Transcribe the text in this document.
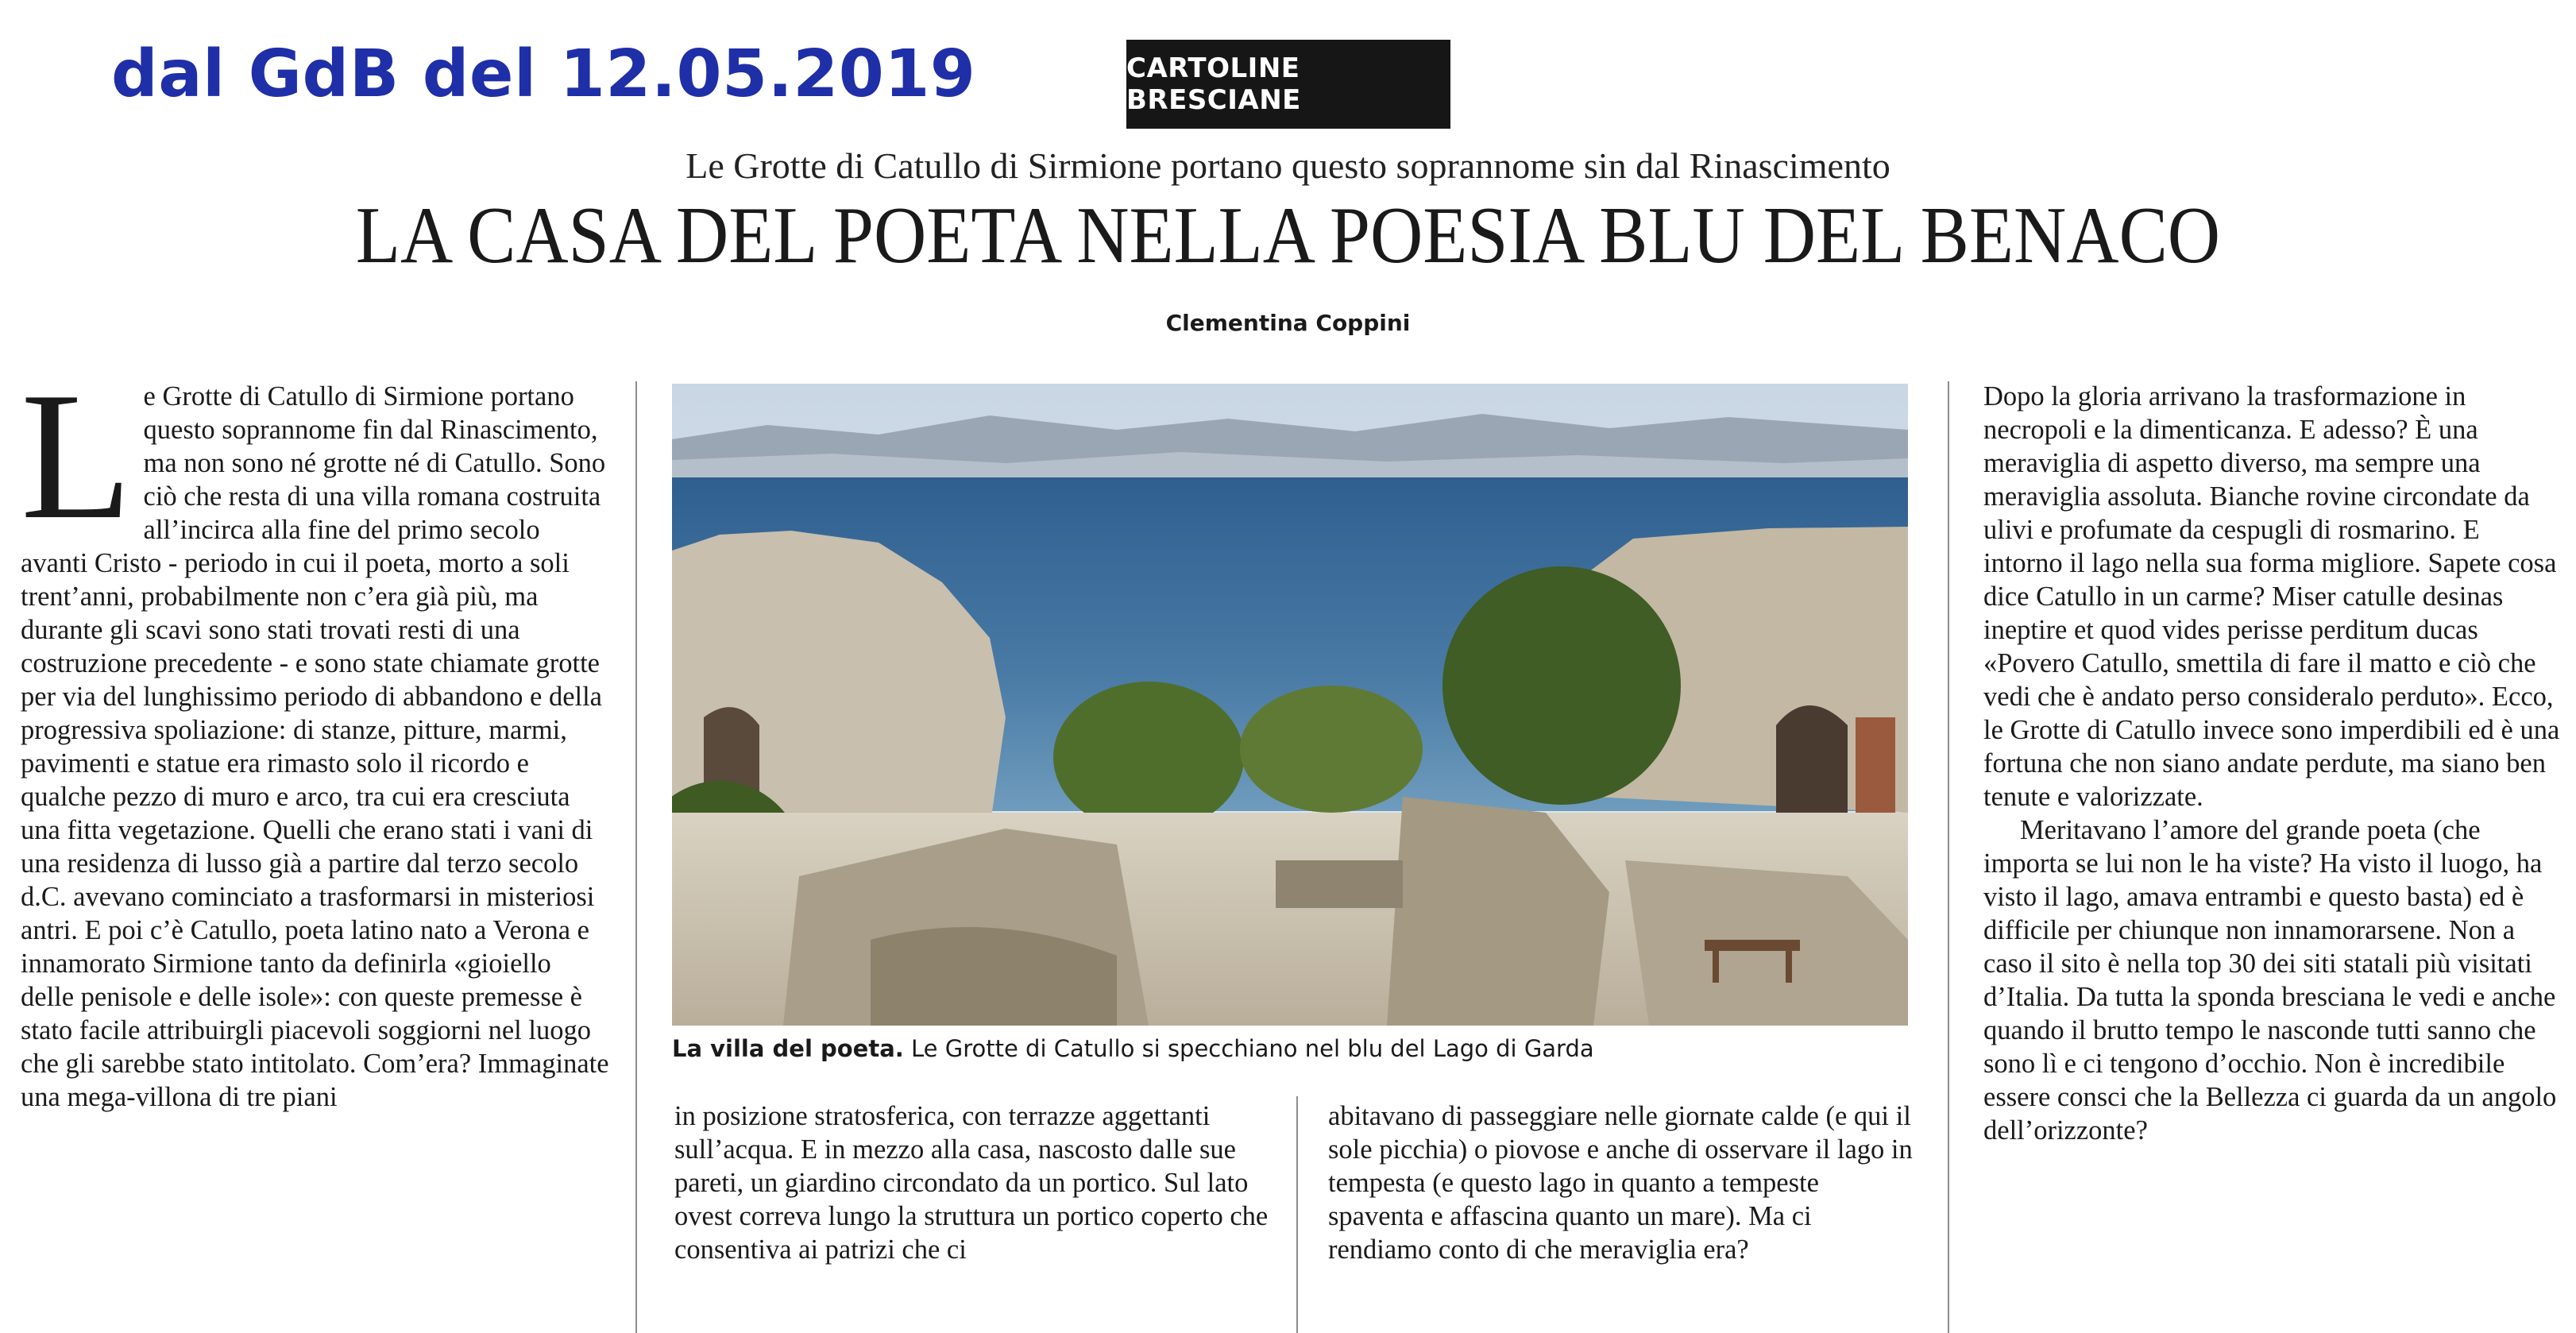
dal GdB del 12.05.2019	CARTOLINE BRESCIANE
Le Grotte di Catullo di Sirmione portano questo soprannome sin dal Rinascimento
LA CASA DEL POETA NELLA POESIA BLU DEL BENACO
Clementina Coppini
L e Grotte di Catullo di Sirmione portano questo soprannome fin dal Rinascimento, ma non sono né grotte né di Catullo. Sono ciò che resta di una villa romana costruita all’incirca alla fine del primo secolo avanti Cristo - periodo in cui il poeta, morto a soli trent’anni, probabilmente non c’era già più, ma durante gli scavi sono stati trovati resti di una costruzione precedente - e sono state chiamate grotte per via del lunghissimo periodo di abbandono e della progressiva spoliazione: di stanze, pitture, marmi, pavimenti e statue era rimasto solo il ricordo e qualche pezzo di muro e arco, tra cui era cresciuta una fitta vegetazione. Quelli che erano stati i vani di una residenza di lusso già a partire dal terzo secolo d.C. avevano cominciato a trasformarsi in misteriosi antri. E poi c’è Catullo, poeta latino nato a Verona e innamorato Sirmione tanto da definirla «gioiello delle penisole e delle isole»: con queste premesse è stato facile attribuirgli piacevoli soggiorni nel luogo che gli sarebbe stato intitolato. Com’era? Immaginate una mega-villona di tre piani
La villa del poeta. Le Grotte di Catullo si specchiano nel blu del Lago di Garda

in posizione stratosferica, con terrazze aggettanti sull’acqua. E in mezzo alla casa, nascosto dalle sue pareti, un giardino circondato da un portico. Sul lato ovest correva lungo la struttura un portico coperto che consentiva ai patrizi che ci

abitavano di passeggiare nelle giornate calde (e qui il sole picchia) o piovose e anche di osservare il lago in tempesta (e questo lago in quanto a tempeste spaventa e affascina quanto un mare). Ma ci rendiamo conto di che meraviglia era?

Dopo la gloria arrivano la trasformazione in necropoli e la dimenticanza. E adesso? È una meraviglia di aspetto diverso, ma sempre una meraviglia assoluta. Bianche rovine circondate da ulivi e profumate da cespugli di rosmarino. E intorno il lago nella sua forma migliore. Sapete cosa dice Catullo in un carme? Miser catulle desinas ineptire et quod vides perisse perditum ducas «Povero Catullo, smettila di fare il matto e ciò che vedi che è andato perso consideralo perduto». Ecco, le Grotte di Catullo invece sono imperdibili ed è una fortuna che non siano andate perdute, ma siano ben tenute e valorizzate.

Meritavano l’amore del grande poeta (che importa se lui non le ha viste? Ha visto il luogo, ha visto il lago, amava entrambi e questo basta) ed è difficile per chiunque non innamorarsene. Non a caso il sito è nella top 30 dei siti statali più visitati d’Italia. Da tutta la sponda bresciana le vedi e anche quando il brutto tempo le nasconde tutti sanno che sono lì e ci tengono d’occhio. Non è incredibile essere consci che la Bellezza ci guarda da un angolo dell’orizzonte?
